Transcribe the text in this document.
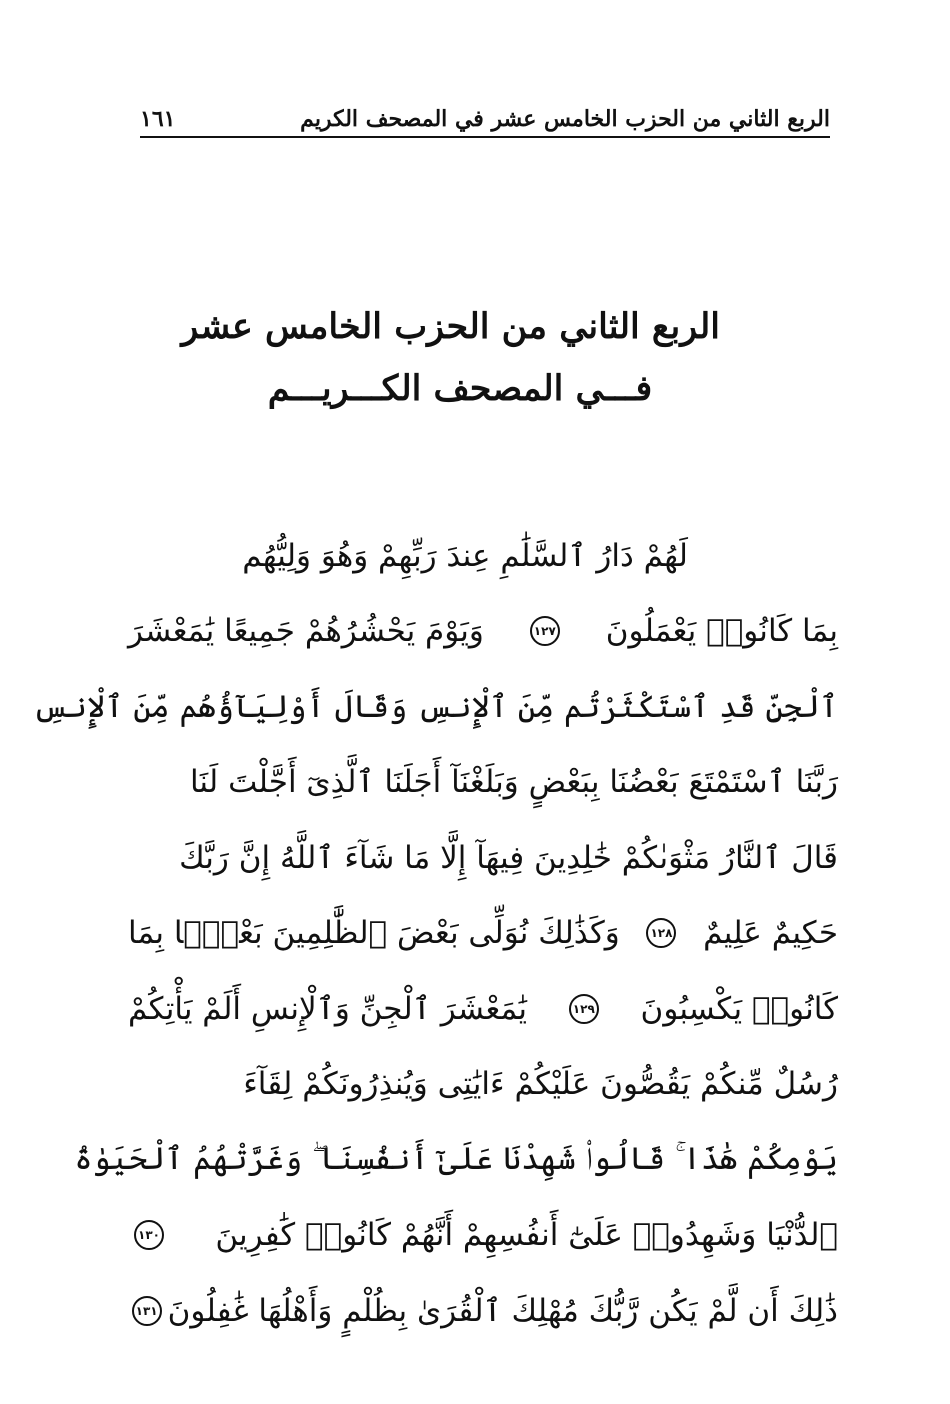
الربع الثاني من الحزب الخامس عشر في المصحف الكريم
١٦١
الربع الثاني من الحزب الخامس عشر
فـــي المصحف الكـــريـــم
لَهُمْ دَارُ ٱلسَّلَٰمِ عِندَ رَبِّهِمْ وَهُوَ وَلِيُّهُم
بِمَا كَانُوا۟ يَعْمَلُونَ
١٢٧
وَيَوْمَ يَحْشُرُهُمْ جَمِيعًا يَٰمَعْشَرَ
ٱلْجِنِّ قَدِ ٱسْتَكْثَرْتُم مِّنَ ٱلْإِنسِ وَقَالَ أَوْلِيَآؤُهُم مِّنَ ٱلْإِنسِ
رَبَّنَا ٱسْتَمْتَعَ بَعْضُنَا بِبَعْضٍ وَبَلَغْنَآ أَجَلَنَا ٱلَّذِىٓ أَجَّلْتَ لَنَا
قَالَ ٱلنَّارُ مَثْوَىٰكُمْ خَٰلِدِينَ فِيهَآ إِلَّا مَا شَآءَ ٱللَّهُ إِنَّ رَبَّكَ
حَكِيمٌ عَلِيمٌ
١٢٨
وَكَذَٰلِكَ نُوَلِّى بَعْضَ ٱلظَّٰلِمِينَ بَعْضًۢا بِمَا
كَانُوا۟ يَكْسِبُونَ
١٢٩
يَٰمَعْشَرَ ٱلْجِنِّ وَٱلْإِنسِ أَلَمْ يَأْتِكُمْ
رُسُلٌ مِّنكُمْ يَقُصُّونَ عَلَيْكُمْ ءَايَٰتِى وَيُنذِرُونَكُمْ لِقَآءَ
يَوْمِكُمْ هَٰذَا ۚ قَالُوا۟ شَهِدْنَا عَلَىٰٓ أَنفُسِنَا ۖ وَغَرَّتْهُمُ ٱلْحَيَوٰةُ
ٱلدُّنْيَا وَشَهِدُوا۟ عَلَىٰٓ أَنفُسِهِمْ أَنَّهُمْ كَانُوا۟ كَٰفِرِينَ
١٣٠
ذَٰلِكَ أَن لَّمْ يَكُن رَّبُّكَ مُهْلِكَ ٱلْقُرَىٰ بِظُلْمٍ وَأَهْلُهَا غَٰفِلُونَ
١٣١
